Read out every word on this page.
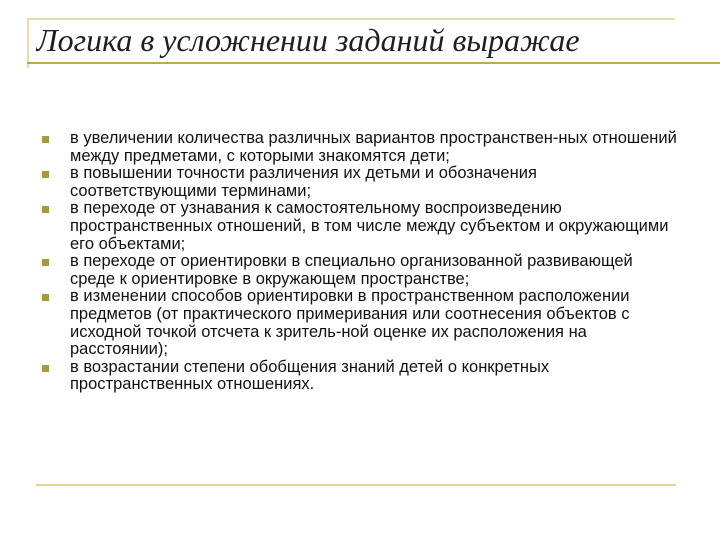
Логика в усложнении заданий выражае
в увеличении количества различных вариантов пространствен-ных отношений между предметами, с которыми знакомятся дети;
в повышении точности различения их детьми и обозначения соответствующими терминами;
в переходе от узнавания к самостоятельному воспроизведению пространственных отношений, в том числе между субъектом и окружающими его объектами;
в переходе от ориентировки в специально организованной развивающей среде к ориентировке в окружающем пространстве;
в изменении способов ориентировки в пространственном расположении предметов (от практического примеривания или соотнесения объектов с исходной точкой отсчета к зритель-ной оценке их расположения на расстоянии);
в возрастании степени обобщения знаний детей о конкретных пространственных отношениях.
